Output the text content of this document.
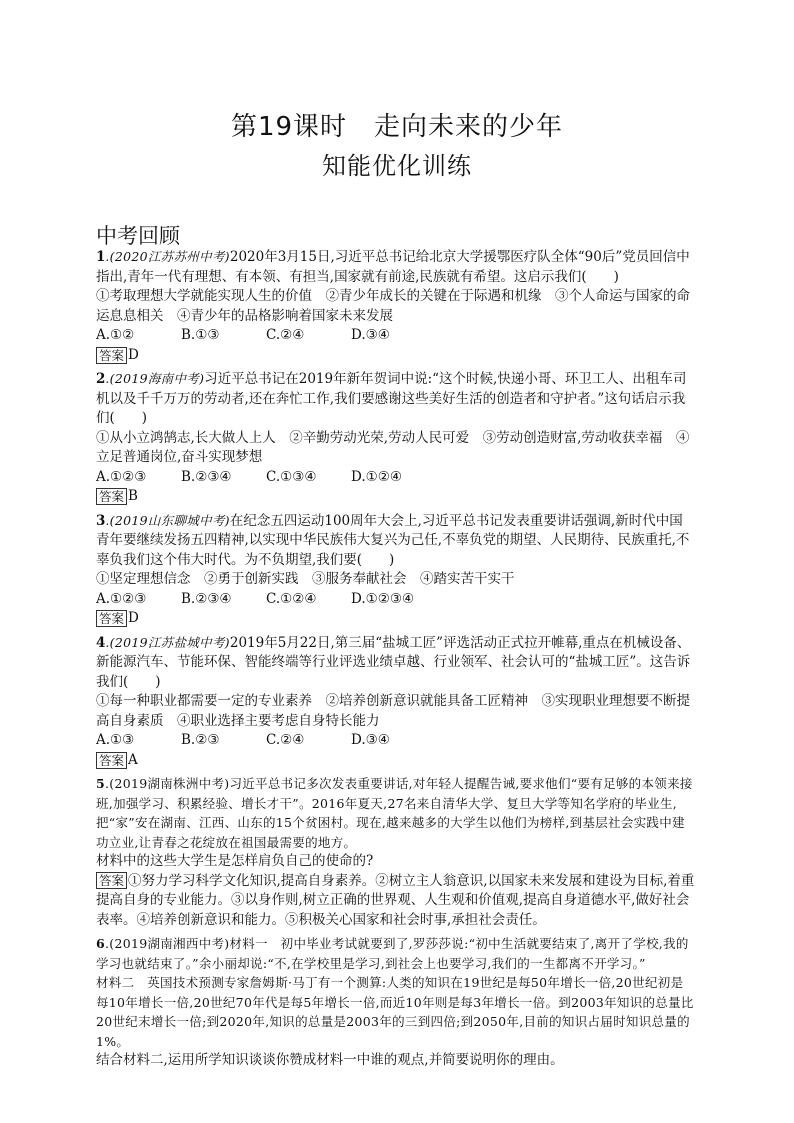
第19课时　走向未来的少年
知能优化训练
中考回顾

1.(2020江苏苏州中考)2020年3月15日,习近平总书记给北京大学援鄂医疗队全体“90后”党员回信中指出,青年一代有理想、有本领、有担当,国家就有前途,民族就有希望。这启示我们(　　)

①考取理想大学就能实现人生的价值　②青少年成长的关键在于际遇和机缘　③个人命运与国家的命运息息相关　④青少年的品格影响着国家未来发展

A.①②	B.①③	C.②④	D.③④
答案 D

2.(2019海南中考)习近平总书记在2019年新年贺词中说:“这个时候,快递小哥、环卫工人、出租车司机以及千千万万的劳动者,还在奔忙工作,我们要感谢这些美好生活的创造者和守护者。”这句话启示我们(　　)

①从小立鸿鹄志,长大做人上人　②辛勤劳动光荣,劳动人民可爱　③劳动创造财富,劳动收获幸福　④立足普通岗位,奋斗实现梦想

A.①②③	B.②③④	C.①③④	D.①②④
答案 B

3.(2019山东聊城中考)在纪念五四运动100周年大会上,习近平总书记发表重要讲话强调,新时代中国青年要继续发扬五四精神,以实现中华民族伟大复兴为己任,不辜负党的期望、人民期待、民族重托,不辜负我们这个伟大时代。为不负期望,我们要(　　)

①坚定理想信念　②勇于创新实践　③服务奉献社会　④踏实苦干实干

A.①②③	B.②③④	C.①②④	D.①②③④
答案 D

4.(2019江苏盐城中考)2019年5月22日,第三届“盐城工匠”评选活动正式拉开帷幕,重点在机械设备、新能源汽车、节能环保、智能终端等行业评选业绩卓越、行业领军、社会认可的“盐城工匠”。这告诉我们(　　)

①每一种职业都需要一定的专业素养　②培养创新意识就能具备工匠精神　③实现职业理想要不断提高自身素质　④职业选择主要考虑自身特长能力

A.①③	B.②③	C.②④	D.③④
答案 A

5.(2019湖南株洲中考)习近平总书记多次发表重要讲话,对年轻人提醒告诫,要求他们“要有足够的本领来接班,加强学习、积累经验、增长才干”。2016年夏天,27名来自清华大学、复旦大学等知名学府的毕业生,把“家”安在湖南、江西、山东的15个贫困村。现在,越来越多的大学生以他们为榜样,到基层社会实践中建功立业,让青春之花绽放在祖国最需要的地方。

材料中的这些大学生是怎样肩负自己的使命的?

答案 ①努力学习科学文化知识,提高自身素养。②树立主人翁意识,以国家未来发展和建设为目标,着重提高自身的专业能力。③以身作则,树立正确的世界观、人生观和价值观,提高自身道德水平,做好社会表率。④培养创新意识和能力。⑤积极关心国家和社会时事,承担社会责任。

6.(2019湖南湘西中考)材料一　初中毕业考试就要到了,罗莎莎说:“初中生活就要结束了,离开了学校,我的学习也就结束了。”余小丽却说:“不,在学校里是学习,到社会上也要学习,我们的一生都离不开学习。”

材料二　英国技术预测专家詹姆斯·马丁有一个测算:人类的知识在19世纪是每50年增长一倍,20世纪初是每10年增长一倍,20世纪70年代是每5年增长一倍,而近10年则是每3年增长一倍。到2003年知识的总量比20世纪末增长一倍;到2020年,知识的总量是2003年的三到四倍;到2050年,目前的知识占届时知识总量的1%。

结合材料二,运用所学知识谈谈你赞成材料一中谁的观点,并简要说明你的理由。
